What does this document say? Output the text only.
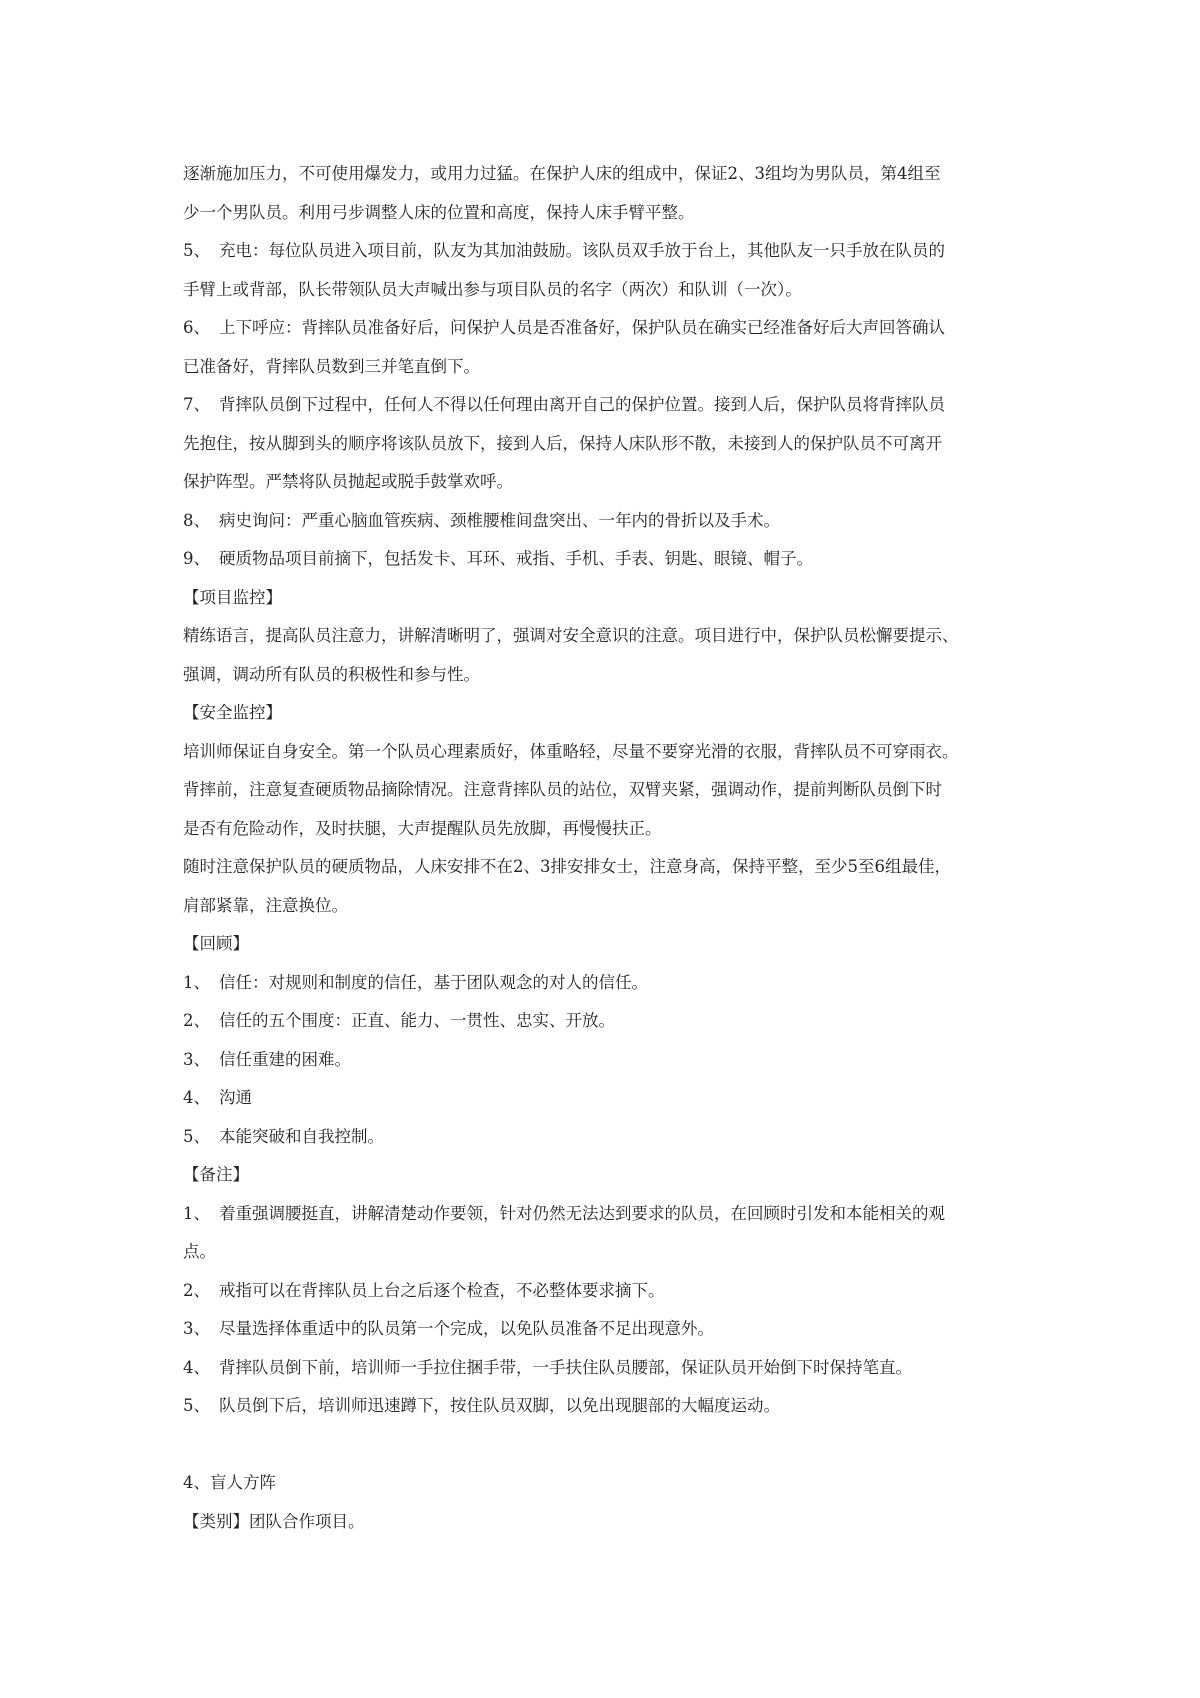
逐渐施加压力，不可使用爆发力，或用力过猛。在保护人床的组成中，保证2、3组均为男队员，第4组至

少一个男队员。利用弓步调整人床的位置和高度，保持人床手臂平整。

5、 充电：每位队员进入项目前，队友为其加油鼓励。该队员双手放于台上，其他队友一只手放在队员的

手臂上或背部，队长带领队员大声喊出参与项目队员的名字（两次）和队训（一次）。

6、 上下呼应：背摔队员准备好后，问保护人员是否准备好，保护队员在确实已经准备好后大声回答确认

已准备好，背摔队员数到三并笔直倒下。

7、 背摔队员倒下过程中，任何人不得以任何理由离开自己的保护位置。接到人后，保护队员将背摔队员

先抱住，按从脚到头的顺序将该队员放下，接到人后，保持人床队形不散，未接到人的保护队员不可离开

保护阵型。严禁将队员抛起或脱手鼓掌欢呼。

8、 病史询问：严重心脑血管疾病、颈椎腰椎间盘突出、一年内的骨折以及手术。

9、 硬质物品项目前摘下，包括发卡、耳环、戒指、手机、手表、钥匙、眼镜、帽子。

【项目监控】

精练语言，提高队员注意力，讲解清晰明了，强调对安全意识的注意。项目进行中，保护队员松懈要提示、

强调，调动所有队员的积极性和参与性。

【安全监控】

培训师保证自身安全。第一个队员心理素质好，体重略轻，尽量不要穿光滑的衣服，背摔队员不可穿雨衣。

背摔前，注意复查硬质物品摘除情况。注意背摔队员的站位，双臂夹紧，强调动作，提前判断队员倒下时

是否有危险动作，及时扶腿，大声提醒队员先放脚，再慢慢扶正。

随时注意保护队员的硬质物品，人床安排不在2、3排安排女士，注意身高，保持平整，至少5至6组最佳，

肩部紧靠，注意换位。

【回顾】

1、 信任：对规则和制度的信任，基于团队观念的对人的信任。

2、 信任的五个围度：正直、能力、一贯性、忠实、开放。

3、 信任重建的困难。

4、 沟通

5、 本能突破和自我控制。

【备注】

1、 着重强调腰挺直，讲解清楚动作要领，针对仍然无法达到要求的队员，在回顾时引发和本能相关的观

点。

2、 戒指可以在背摔队员上台之后逐个检查，不必整体要求摘下。

3、 尽量选择体重适中的队员第一个完成，以免队员准备不足出现意外。

4、 背摔队员倒下前，培训师一手拉住捆手带，一手扶住队员腰部，保证队员开始倒下时保持笔直。

5、 队员倒下后，培训师迅速蹲下，按住队员双脚，以免出现腿部的大幅度运动。

4、盲人方阵

【类别】团队合作项目。
